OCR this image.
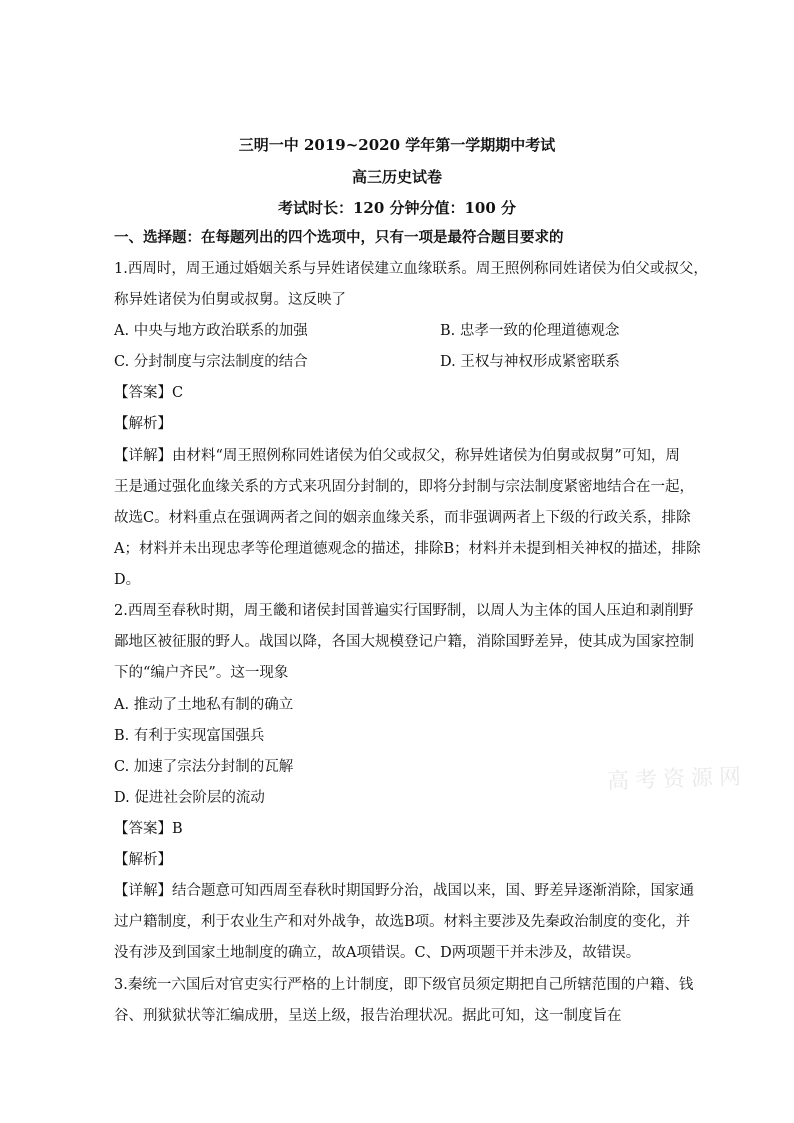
三明一中 2019~2020 学年第一学期期中考试
高三历史试卷
考试时长：120 分钟分值：100 分
一、选择题：在每题列出的四个选项中，只有一项是最符合题目要求的
1.西周时，周王通过婚姻关系与异姓诸侯建立血缘联系。周王照例称同姓诸侯为伯父或叔父，
称异姓诸侯为伯舅或叔舅。这反映了
A. 中央与地方政治联系的加强	B. 忠孝一致的伦理道德观念
C. 分封制度与宗法制度的结合	D. 王权与神权形成紧密联系
【答案】C
【解析】
【详解】由材料“周王照例称同姓诸侯为伯父或叔父，称异姓诸侯为伯舅或叔舅”可知，周
王是通过强化血缘关系的方式来巩固分封制的，即将分封制与宗法制度紧密地结合在一起，
故选C。材料重点在强调两者之间的姻亲血缘关系，而非强调两者上下级的行政关系，排除
A；材料并未出现忠孝等伦理道德观念的描述，排除B；材料并未提到相关神权的描述，排除
D。
2.西周至春秋时期，周王畿和诸侯封国普遍实行国野制，以周人为主体的国人压迫和剥削野
鄙地区被征服的野人。战国以降，各国大规模登记户籍，消除国野差异，使其成为国家控制
下的“编户齐民”。这一现象
A. 推动了土地私有制的确立
B. 有利于实现富国强兵
C. 加速了宗法分封制的瓦解
D. 促进社会阶层的流动
【答案】B
【解析】
【详解】结合题意可知西周至春秋时期国野分治，战国以来，国、野差异逐渐消除，国家通
过户籍制度，利于农业生产和对外战争，故选B项。材料主要涉及先秦政治制度的变化，并
没有涉及到国家土地制度的确立，故A项错误。C、D两项题干并未涉及，故错误。
3.秦统一六国后对官吏实行严格的上计制度，即下级官员须定期把自己所辖范围的户籍、钱
谷、刑狱狱状等汇编成册，呈送上级，报告治理状况。据此可知，这一制度旨在
高考资源网
